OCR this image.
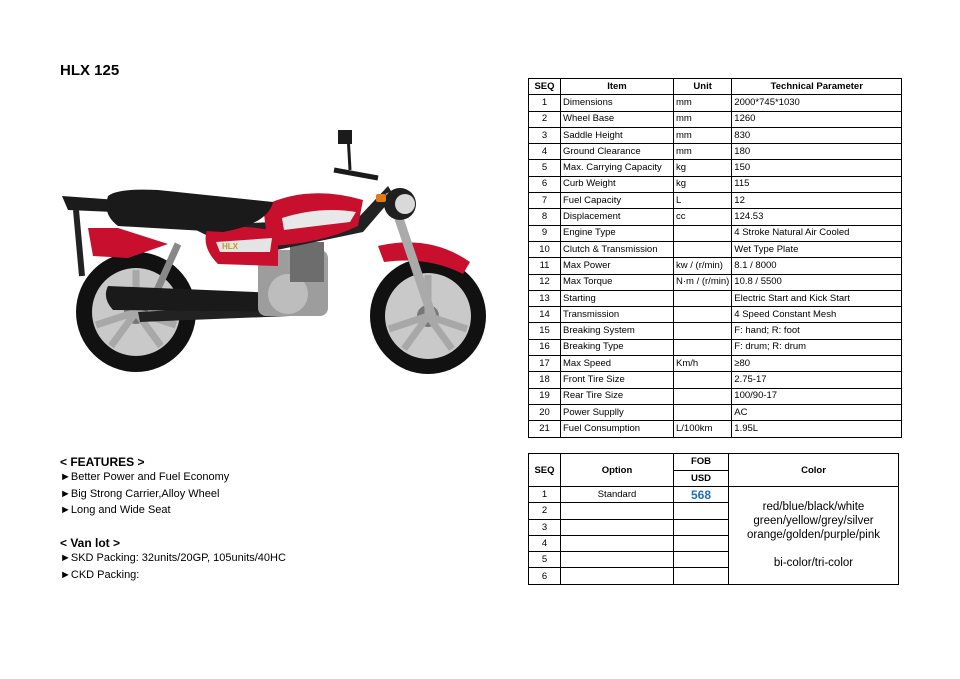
HLX 125
HLX
SEQ	Item	Unit	Technical Parameter
1	Dimensions	mm	2000*745*1030
2	Wheel Base	mm	1260
3	Saddle Height	mm	830
4	Ground Clearance	mm	180
5	Max. Carrying Capacity	kg	150
6	Curb Weight	kg	115
7	Fuel Capacity	L	12
8	Displacement	cc	124.53
9	Engine Type		4 Stroke Natural Air Cooled
10	Clutch & Transmission		Wet Type Plate
11	Max Power	kw / (r/min)	8.1 / 8000
12	Max Torque	N·m / (r/min)	10.8 / 5500
13	Starting		Electric Start and Kick Start
14	Transmission		4 Speed Constant Mesh
15	Breaking System		F: hand; R: foot
16	Breaking Type		F: drum; R: drum
17	Max Speed	Km/h	≥80
18	Front Tire Size		2.75-17
19	Rear Tire Size		100/90-17
20	Power Supplly		AC
21	Fuel Consumption	L/100km	1.95L
SEQ	Option	FOB	Color
		USD	
1	Standard	568	red/blue/black/white
green/yellow/grey/silver
orange/golden/purple/pink

bi-color/tri-color

2			
3			
4			
5			
6			
< FEATURES >
►Better Power and Fuel Economy
►Big Strong Carrier,Alloy Wheel
►Long and Wide Seat
< Van lot >
►SKD Packing: 32units/20GP, 105units/40HC
►CKD Packing:
